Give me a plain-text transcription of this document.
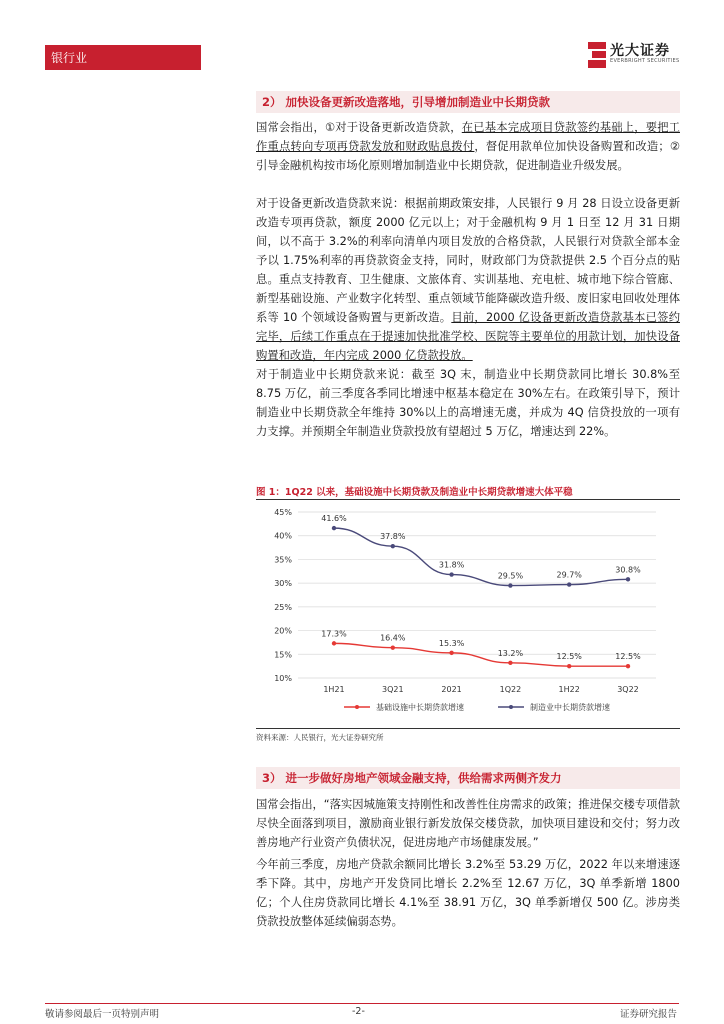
银行业	光大证券
EVERBRIGHT SECURITIES
2） 加快设备更新改造落地，引导增加制造业中长期贷款

国常会指出，①对于设备更新改造贷款，在已基本完成项目贷款签约基础上，要把工作重点转向专项再贷款发放和财政贴息拨付，督促用款单位加快设备购置和改造；②引导金融机构按市场化原则增加制造业中长期贷款，促进制造业升级发展。

对于设备更新改造贷款来说：根据前期政策安排，人民银行 9 月 28 日设立设备更新改造专项再贷款，额度 2000 亿元以上；对于金融机构 9 月 1 日至 12 月 31 日期间，以不高于 3.2%的利率向清单内项目发放的合格贷款，人民银行对贷款全部本金予以 1.75%利率的再贷款资金支持，同时，财政部门为贷款提供 2.5 个百分点的贴息。重点支持教育、卫生健康、文旅体育、实训基地、充电桩、城市地下综合管廊、新型基础设施、产业数字化转型、重点领域节能降碳改造升级、废旧家电回收处理体系等 10 个领域设备购置与更新改造。目前，2000 亿设备更新改造贷款基本已签约完毕，后续工作重点在于提速加快批准学校、医院等主要单位的用款计划，加快设备购置和改造，年内完成 2000 亿贷款投放。

对于制造业中长期贷款来说：截至 3Q 末，制造业中长期贷款同比增长 30.8%至 8.75 万亿，前三季度各季同比增速中枢基本稳定在 30%左右。在政策引导下，预计制造业中长期贷款全年维持 30%以上的高增速无虞，并成为 4Q 信贷投放的一项有力支撑。并预期全年制造业贷款投放有望超过 5 万亿，增速达到 22%。

图 1：1Q22 以来，基础设施中长期贷款及制造业中长期贷款增速大体平稳
45%
40%
35%
30%
25%
20%
15%
10%
1H21	3Q21	2021	1Q22	1H22	3Q22
17.3%	16.4%
15.3%
13.2%	12.5%	12.5%
41.6%
37.8%
31.8%
29.5%	29.7%
30.8%
基础设施中长期贷款增速	制造业中长期贷款增速
资料来源：人民银行，光大证券研究所
3） 进一步做好房地产领域金融支持，供给需求两侧齐发力

国常会指出，“落实因城施策支持刚性和改善性住房需求的政策；推进保交楼专项借款尽快全面落到项目，激励商业银行新发放保交楼贷款，加快项目建设和交付；努力改善房地产行业资产负债状况，促进房地产市场健康发展。”

今年前三季度，房地产贷款余额同比增长 3.2%至 53.29 万亿，2022 年以来增速逐季下降。其中，房地产开发贷同比增长 2.2%至 12.67 万亿，3Q 单季新增 1800 亿；个人住房贷款同比增长 4.1%至 38.91 万亿，3Q 单季新增仅 500 亿。涉房类贷款投放整体延续偏弱态势。

敬请参阅最后一页特别声明	-2-	证券研究报告
